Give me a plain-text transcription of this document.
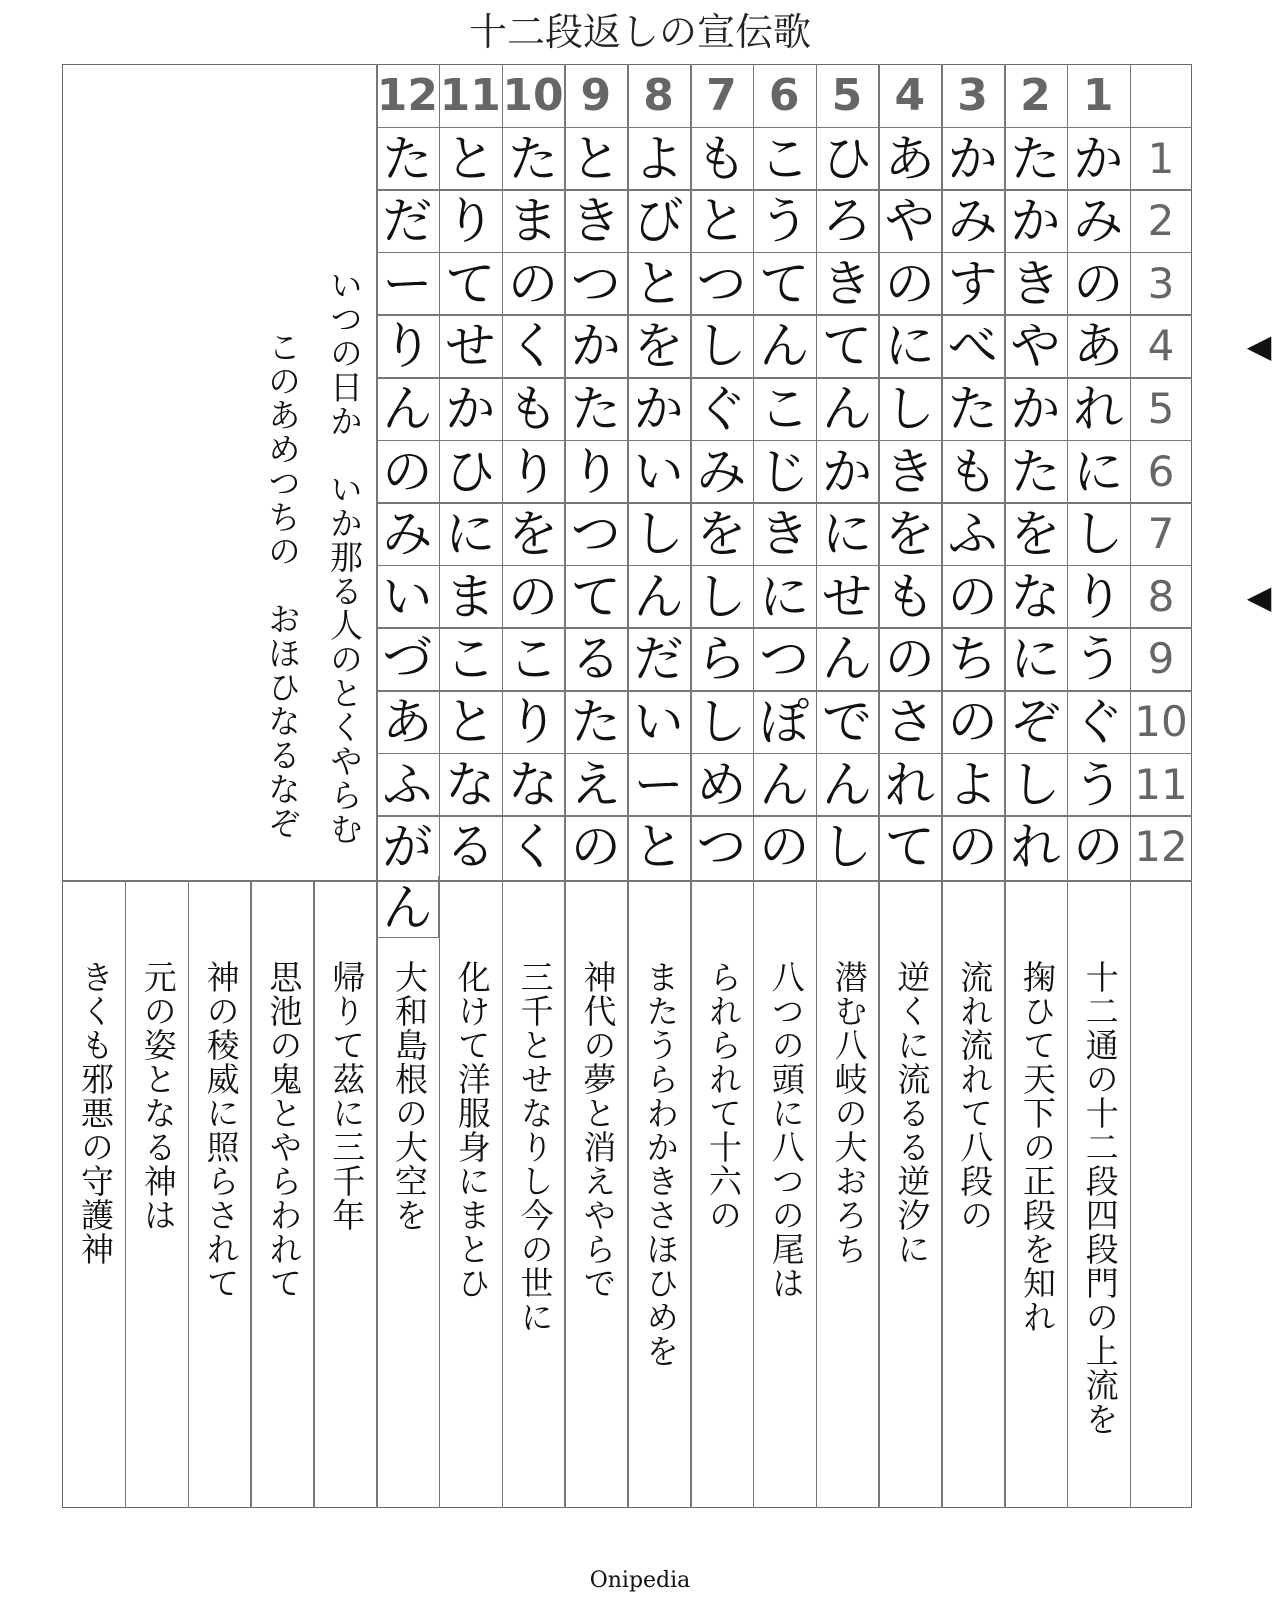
十二段返しの宣伝歌
12 11 10 9 8 7 6 5 4 3 2 1
1
2
3
4
5
6
7
8
9
10
11
12
た と た と よ も こ ひ あ か た か
だ り ま き び と う ろ や み か み
ー て の つ と つ て き の す き の
り せ く か を し ん て に べ や あ
ん か も た か ぐ こ ん し た か れ
の ひ り り い み じ か き も た に
み に を つ し を き に を ふ を し
い ま の て ん し に せ も の な り
づ こ こ る だ ら つ ん の ち に う
あ と り た い し ぽ で さ の ぞ ぐ
ふ な な え ー め ん ん れ よ し う
が る く の と つ の し て の れ の
ん
◀
◀
いつの日か　いか那る人のとくやらむ
このあめつちの　おほひなるなぞ
十二通の十二段四段門の上流を
掬ひて天下の正段を知れ
流れ流れて八段の
逆くに流るる逆汐に
潜む八岐の大おろち
八つの頭に八つの尾は
られられて十六の
またうらわかきさほひめを
神代の夢と消えやらで
三千とせなりし今の世に
化けて洋服身にまとひ
大和島根の大空を
帰りて茲に三千年
思池の鬼とやらわれて
神の稜威に照らされて
元の姿となる神は
きくも邪悪の守護神
Onipedia
